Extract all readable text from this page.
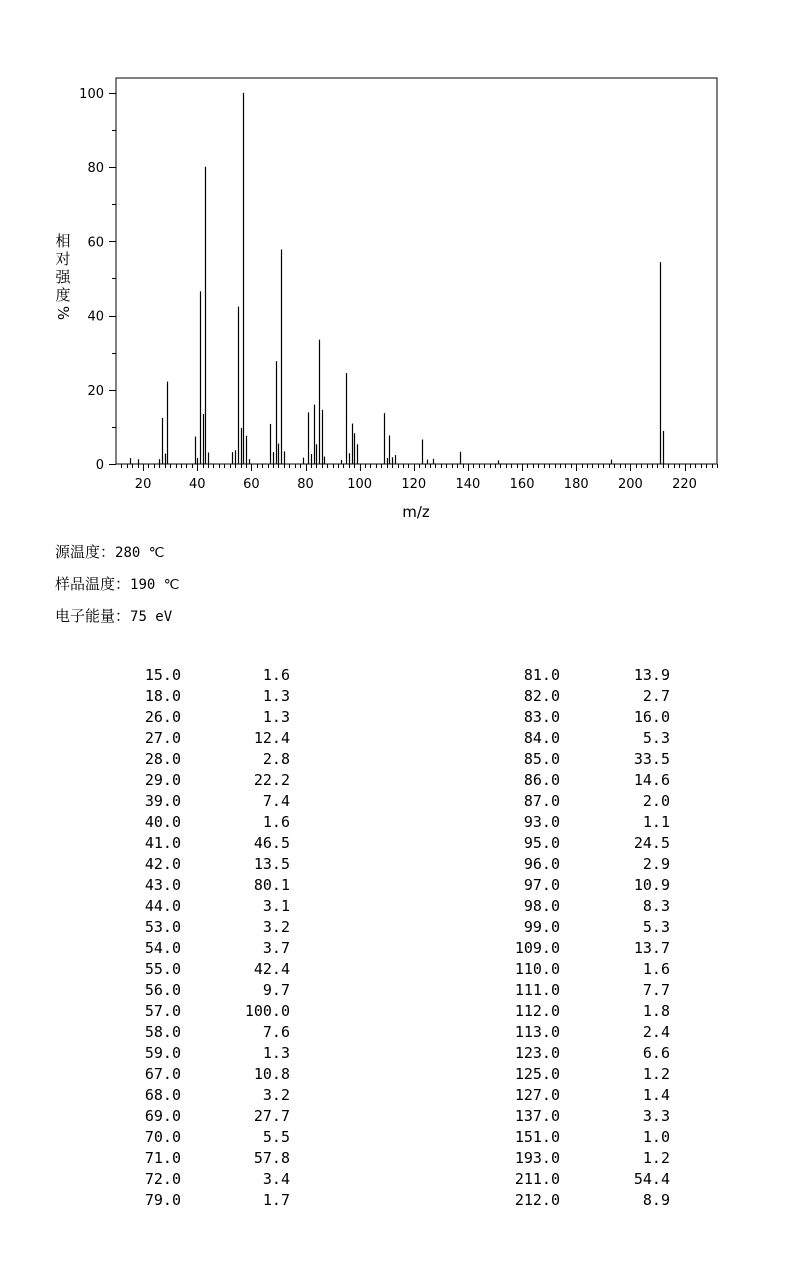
20	40	60	80	100 120 140 160 180 200 220
0
20
40
60
80
100
相
对
强
度
%
m/z
源温度：280 ℃
样品温度：190 ℃
电子能量：75 eV
15.0	1.6
18.0	1.3
26.0	1.3
27.0	12.4
28.0	2.8
29.0	22.2
39.0	7.4
40.0	1.6
41.0	46.5
42.0	13.5
43.0	80.1
44.0	3.1
53.0	3.2
54.0	3.7
55.0	42.4
56.0	9.7
57.0	100.0
58.0	7.6
59.0	1.3
67.0	10.8
68.0	3.2
69.0	27.7
70.0	5.5
71.0	57.8
72.0	3.4
79.0	1.7
81.0	13.9
82.0	2.7
83.0	16.0
84.0	5.3
85.0	33.5
86.0	14.6
87.0	2.0
93.0	1.1
95.0	24.5
96.0	2.9
97.0	10.9
98.0	8.3
99.0	5.3
109.0	13.7
110.0	1.6
111.0	7.7
112.0	1.8
113.0	2.4
123.0	6.6
125.0	1.2
127.0	1.4
137.0	3.3
151.0	1.0
193.0	1.2
211.0	54.4
212.0	8.9
